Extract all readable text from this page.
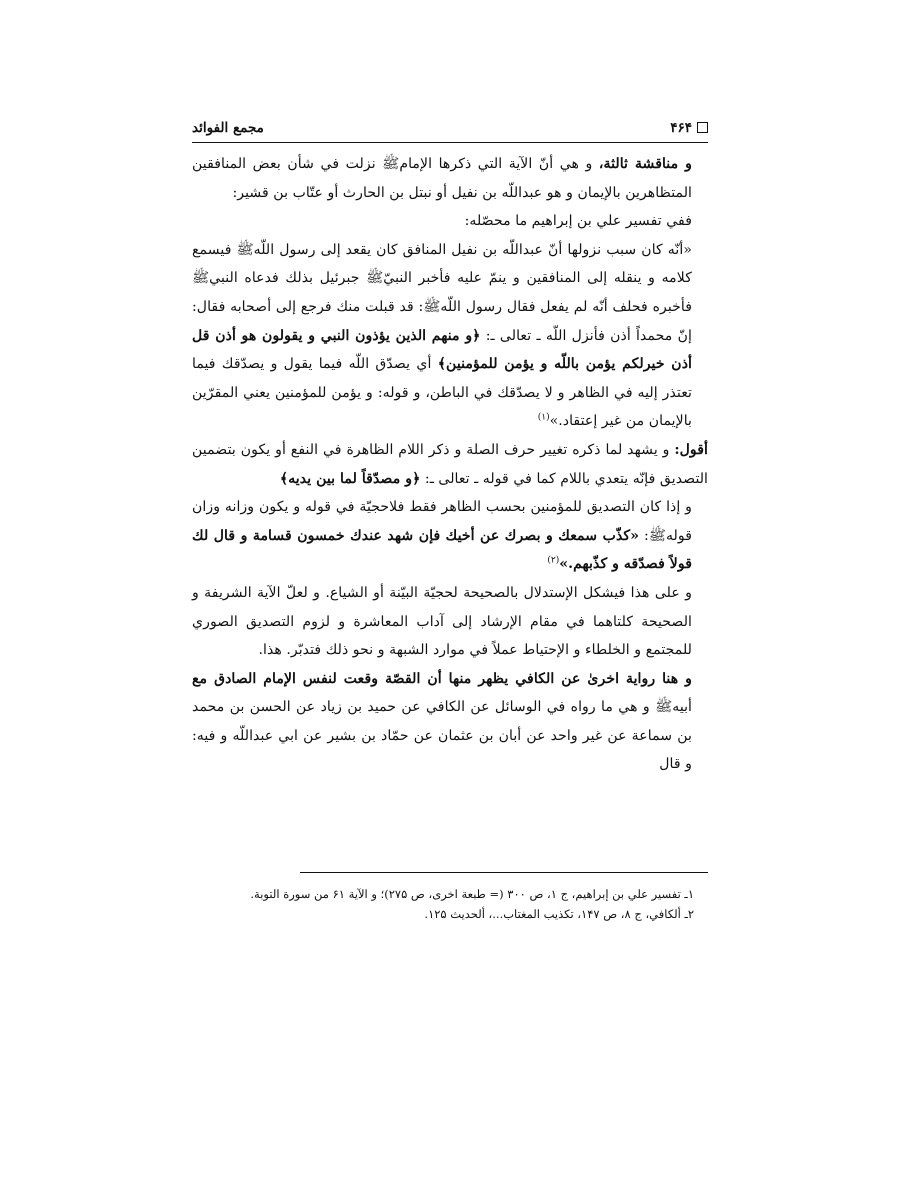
۴۶۴
مجمع الفوائد

و مناقشة ثالثة، و هي أنّ الآية التي ذكرها الإمامﷺ نزلت في شأن بعض المنافقين المتظاهرين بالإيمان و هو عبداللّه بن نفيل أو نبتل بن الحارث أو عتّاب بن قشير:

ففي تفسير علي بن إبراهيم ما محصّله:

«أنّه كان سبب نزولها أنّ عبداللّه بن نفيل المنافق كان يقعد إلى رسول اللّهﷺ فيسمع كلامه و ينقله إلى المنافقين و ينمّ عليه فأخبر النبيّﷺ جبرئيل بذلك فدعاه النبيﷺ فأخبره فحلف أنّه لم يفعل فقال رسول اللّهﷺ: قد قبلت منك فرجع إلى أصحابه فقال: إنّ محمداً أذن فأنزل اللّه ـ تعالى ـ: ﴿و منهم الذين يؤذون النبي و يقولون هو أذن قل أذن خيرلكم يؤمن باللّه و يؤمن للمؤمنين﴾ أي يصدّق اللّه فيما يقول و يصدّقك فيما تعتذر إليه في الظاهر و لا يصدّقك في الباطن، و قوله: و يؤمن للمؤمنين يعني المقرّين بالإيمان من غير إعتقاد.»$^{(۱)}$

أقول: و يشهد لما ذكره تغيير حرف الصلة و ذكر اللام الظاهرة في النفع أو يكون بتضمين التصديق فإنّه يتعدي باللام كما في قوله ـ تعالى ـ: ﴿و مصدّقاً لما بين يديه﴾

و إذا كان التصديق للمؤمنين بحسب الظاهر فقط فلاحجيّة في قوله و يكون وزانه وزان قولهﷺ: «كذّب سمعك و بصرك عن أخيك فإن شهد عندك خمسون قسامة و قال لك قولاً فصدّقه و كذّبهم.»$^{(۲)}$

و على هذا فيشكل الإستدلال بالصحيحة لحجيّة البيّنة أو الشياع. و لعلّ الآية الشريفة و الصحيحة كلتاهما في مقام الإرشاد إلى آداب المعاشرة و لزوم التصديق الصوري للمجتمع و الخلطاء و الإحتياط عملاً في موارد الشبهة و نحو ذلك فتدبّر. هذا.

و هنا رواية اخرىٰ عن الكافي يظهر منها أن القصّة وقعت لنفس الإمام الصادق مع أبيهﷺ و هي ما رواه في الوسائل عن الكافي عن حميد بن زياد عن الحسن بن محمد بن سماعة عن غير واحد عن أبان بن عثمان عن حمّاد بن بشير عن ابي عبداللّه و فيه: و قال

۱ـ تفسير علي بن إبراهيم، ج ۱، ص ۳۰۰ (= طبعة اخرى، ص ۲۷۵)؛ و الآية ۶۱ من سورة التوبة.
۲ـ ألكافي، ج ۸، ص ۱۴۷، تكذيب المغتاب...، ألحديث ۱۲۵.
